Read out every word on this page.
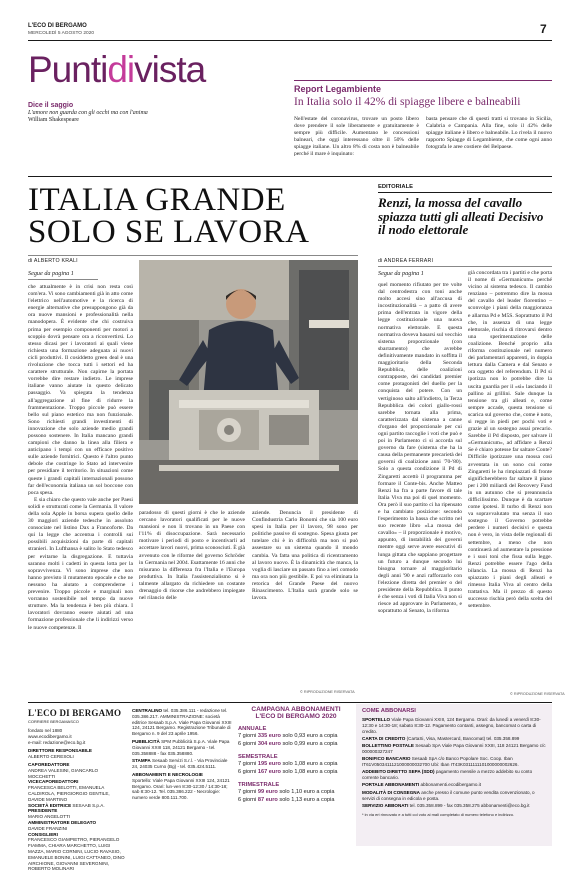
L'ECO DI BERGAMO
MERCOLEDÌ 5 AGOSTO 2020	7
Puntidivista
Dice il saggio
L'amore non guarda con gli occhi ma con l'anima
William Shakespeare
Report Legambiente
In Italia solo il 42% di spiagge libere e balneabili
Nell'estate del coronavirus, trovare un posto libero dove prendere il sole liberamente e gratuitamente è sempre più difficile. Aumentano le concessioni balneari, che oggi interessano oltre il 50% delle spiagge italiane. Un altro 8% di costa non è balneabile perché il mare è inquinato:
basta pensare che di questi tratti si trovano in Sicilia, Calabria e Campania. Alla fine, solo il 42% delle spiagge italiane è libero e balneabile. Lo rivela il nuovo rapporto Spiagge di Legambiente, che come ogni anno fotografa le aree costiere del Belpaese.
ITALIA GRANDE
SOLO SE LAVORA
EDITORIALE
Renzi, la mossa del cavallo spiazza tutti gli alleati Decisivo il nodo elettorale
di ALBERTO KRALI
Segue da pagina 1

che attualmente è in crisi non resta così com'era. Vi sono cambiamenti già in atto come l'elettrico nell'automotive e la ricerca di energie alternative che presuppongono già da ora nuove mansioni e professionalità nella manodopera. È evidente che chi costruiva prima per esempio componenti per motori a scoppio dovrà pensare ora a riconvertirsi. Lo stesso dicasi per i lavoratori ai quali viene richiesta una formazione adeguata ai nuovi cicli produttivi. Il cosiddetto green deal è una rivoluzione che tocca tutti i settori ed ha carattere strutturale. Non capirne la portata vorrebbe dire restare indietro. Le imprese italiane vanno aiutate in questo delicato passaggio. Va spiegata la tendenza all'aggregazione al fine di ridurre la frammentazione. Troppo piccole può essere bello sul piano estetico ma non funzionale. Sono richiesti grandi investimenti di innovazione che solo aziende medio grandi possono sostenere. In Italia mancano grandi campioni che danno la linea alla filiera e anticipano i tempi con un efficace positivo sulle aziende fornitrici. Questo è l'altro punto debole che costringe lo Stato ad intervenire per presidiare il territorio. In situazioni come queste i grandi capitali internazionali possono far dell'economia italiana un sol boccone con poca spesa.

E sia chiaro che questo vale anche per Paesi solidi e strutturati come la Germania. Il valore della sola Apple in borsa supera quello delle 30 maggiori aziende tedesche in assoluto consociate nel listino Dax a Francoforte. Da qui la legge che accentua i controlli sui possibili acquisizioni da parte di capitali stranieri. In Lufthansa è salito lo Stato tedesco per evitarne la disgregazione. E tuttavia saranno molti i cadetti in questa lotta per la sopravvivenza. Vi sono imprese che non hanno previsto il mutamento epocale e che ne nessuno ha aiutato a comprenderne i prevenire. Troppo piccole e marginali non vorranno sostenibile nel tempo da nuove strutture. Ma la tendenza è ben più chiara. I lavoratori dovranno essere aiutati ad una formazione professionale che li indirizzi verso le nuove competenze. Il

paradosso di questi giorni è che le aziende cercano lavoratori qualificati per le nuove mansioni e non li trovano in un Paese con l'11% di disoccupazione. Sarà necessario motivare i periodi di posto e incentivarli ad accettare lavori nuovi, prima sconosciuti. È già avvenuto con le riforme del governo Schröder in Germania nel 2004. Esattamente 16 anni che misurano la differenza fra l'Italia e l'Europa produttiva. In Italia l'assistenzialismo si è talmente allargato da richiedere un costante drenaggio di risorse che andrebbero impiegate nel rilancio delle

aziende. Denuncia il presidente di Confindustria Carlo Bonomi che sia 100 euro spesi in Italia per il lavoro, 98 sono per politiche passive di sostegno. Spesa giusta per tutelare chi è in difficoltà ma non si può assestare su un sistema quando il mondo cambia. Va fatta una politica di ricentramento al lavoro nuovo. È la dinamicità che manca, la voglia di lasciare un passato fino a ieri comodo ma ora non più gestibile. E poi va eliminata la retorica del Grande Paese del nuovo Rinascimento. L'Italia sarà grande solo se lavora.

© RIPRODUZIONE RISERVATA
di ANDREA FERRARI
Segue da pagina 1

quel momento rifiutato per tre volte dal centrodestra con toni anche molto accesi sino all'accusa di incostituzionalità – a patto di avere prima dell'entrata in vigore della legge costituzionale una nuova normativa elettorale. E questa normativa doveva basarsi sul vecchio sistema proporzionale (con sbarramento) che avrebbe definitivamente mandato in soffitta il maggioritario della Seconda Repubblica, delle coalizioni contrapposte, dei candidati premier come protagonisti del duello per la conquista del potere. Con un vertiginoso salto all'indietro, la Terza Repubblica dei colori giallo-rossi sarebbe tornata alla prima, caratterizzata dal sistema a canne d'organo del proporzionale per cui ogni partito raccoglie i voti che può e poi in Parlamento ci si accorda sul governo da fare (sistema che ha la causa della permanente precarietà dei governi di coalizione anni '70-'80). Solo a questa condizione il Pd di Zingaretti accettò il programma per formare il Conte-bis. Anche Matteo Renzi ha fra a parte favore di tale Italia Viva ma poi di quel momento. Ora però il suo partito ci ha ripensato e ha cambiato posizione: secondo l'esperimento la bassa che scritto nel suo recente libro «La mossa del cavallo» – il proporzionale è motivo, appunto, di instabilità dei governi mentre oggi serve avere esecutivi di lunga gittata che sappiano progettare un futuro a dunque secondo lui bisogna tornare al maggioritario degli anni '90 e anzi rafforzarlo con l'elezione diretta del premier o del presidente della Repubblica. Il punto è che senza i voti di Italia Viva non si riesce ad approvare in Parlamento, e soprattutto al Senato, la riforma

già concordata tra i partiti e che porta il nome di «Germanicum» perché vicino al sistema tedesco. Il cambio renziano – potremmo dire la mossa del cavallo del leader fiorentino – sconvolge i piani della maggioranza e allarma Pd e M5S. Soprattutto il Pd che, in assenza di una legge elettorale, rischia di ritrovarsi dentro una sperimentazione delle coalizione. Benché proprio alla riforma costituzionale nel numero dei parlamentari apparenti, in doppia lettura dalla Camera e dal Senato e ora oggetto del referendum. Il Pd si ipotizza non lo potrebbe dire la uscita guardia per il «sì» lasciando il pallino ai grillini. Sale dunque la tensione tra gli alleati e, come sempre accade, questa tensione si scarica sul governo che, come è noto, si regge in piedi per pochi voti e grazie al un sostegno assai precario. Sarebbe il Pd disposto, per salvare il «Germanicum», ad affidare a Renzi Se è chiaro potesse far saltare Conte? Difficile ipotizzare una mossa così avventata in un sono cui come Zingaretti le ha rimpiazzati di fronte significherebbero far saltare il piano per i 200 miliardi del Recovery Fund in un autunno che si preannuncia difficilissimo. Dunque è da scartare come ipotesi. Il turbo di Renzi non va sopravvalutato ma senza il suo sostegno il Governo potrebbe perdere i numeri decisivi e questa non è vero, in vista delle regionali di settembre, a meno che non continuerà ad aumentare la pressione e i suoi toni che fissa sulla legge. Renzi potrebbe essere l'ago della bilancia. La mossa di Renzi ha spiazzato i piani degli alleati e rimesso Italia Viva al centro della trattativa. Ma il prezzo di questo successo rischia però della scelta del settembre.

© RIPRODUZIONE RISERVATA
L'ECO DI BERGAMO
CORRIERE BERGAMASCO
fondato nel 1880
www.ecodibergamo.it
e-mail: redazione@eco.bg.it
DIRETTORE RESPONSABILE
ALBERTO CERESOLI
CAPOREDATTORE
ANDREA VALESINI, GIANCARLO MOCCHETTI
VICECAPOREDATTORI
FRANCESCA BELOTTI, EMANUELA CALDIROLA, PIERGIORGIO GENTILE, DAVIDE MARTINO
SOCIETÀ EDITRICE SESAAB S.p.A.
PRESIDENTE
MARIO ANGELOTTI
AMMINISTRATORE DELEGATO
DAVIDE FRANZINI
CONSIGLIERI
FRANCESCO GIAMPIETRO, PIERANGELO FIAMMA, CHIARA MARCHETTO, LUIGI MAZZA, MARIO CORNINI, LUCIO RAVASIO, EMANUELE BONINI, LUIGI CATTANEO, DINO AIRCHIONE, GIOVANNI SEVERGNINI, ROBERTO MOLINARI
CENTRALINO tel. 035.386.111 - redazione tel. 035.386.217. AMMINISTRAZIONE: società editrice Sesaab S.p.A. Viale Papa Giovanni XXIII 124, 24121 Bergamo. Registrazione Tribunale di Bergamo n. 9 del 23 aprile 1956.
PUBBLICITÀ SPM Pubblicità S.p.A. Viale Papa Giovanni XXIII 118, 24121 Bergamo - tel. 035.358888 - fax 035.358880.
STAMPA Sesaab Servizi S.r.l. - Via Provinciale 24, 24035 Curno (Bg) - tel. 035.424.5111.
ABBONAMENTI E NECROLOGIE
Sportello: Viale Papa Giovanni XXIII 124, 24121 Bergamo. Orari: lun-ven 8:30-12:30 / 14:30-18; sab 8:30-12. Tel. 035.386.222 - Necrologie: numero verde 800.111.700.
CAMPAGNA ABBONAMENTI
L'ECO DI BERGAMO 2020
ANNUALE
7 giorni 335 euro solo 0,93 euro a copia
6 giorni 304 euro solo 0,99 euro a copia
SEMESTRALE
7 giorni 195 euro solo 1,08 euro a copia
6 giorni 167 euro solo 1,08 euro a copia
TRIMESTRALE
7 giorni 99 euro solo 1,10 euro a copia
6 giorni 87 euro solo 1,13 euro a copia
COME ABBONARSI
SPORTELLO Viale Papa Giovanni XXIII, 124 Bergamo. Orari: da lunedì a venerdì 8:30-12:30 e 14:30-18; sabato 8:30-12. Pagamento contanti, assegno, bancomat o carta di credito.
CARTA DI CREDITO (CartaSi, Visa, Mastercard, Bancomat) tel. 035.358.899
BOLLETTINO POSTALE Sesaab SpA Viale Papa Giovanni XXIII, 118 24121 Bergamo c/c 000000327247
BONIFICO BANCARIO Sesaab SpA c/o Banco Popolare Soc. Coop. Iban IT61V0503411121000000032700 Ubi: Iban IT43K0311111101000000002626.
ADDEBITO DIRETTO SEPA (SDD) pagamento mensile a mezzo addebito su conto corrente bancario.
PORTALE ABBONAMENTI abbonamenti.ecodibergamo.it
MODALITÀ DI CONSEGNA anche presso il comune punto vendita convenzionato, o servizi di consegna in edicola e posta.
SERVIZIO ABBONATI tel. 035.358.899 - fax 035.358.275 abbonamenti@eco.bg.it
* in via eri rinnovato e a tutti col voto ai mali completato di numero telefono e indirizzo.
